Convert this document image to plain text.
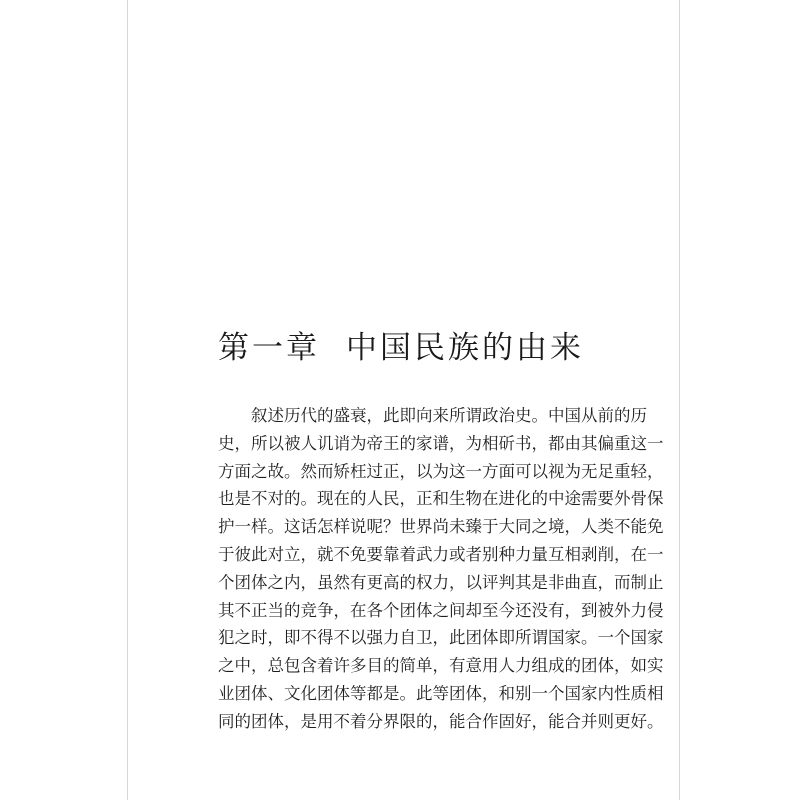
第一章 中国民族的由来
叙述历代的盛衰，此即向来所谓政治史。中国从前的历
史，所以被人讥诮为帝王的家谱，为相斫书，都由其偏重这一
方面之故。然而矫枉过正，以为这一方面可以视为无足重轻，
也是不对的。现在的人民，正和生物在进化的中途需要外骨保
护一样。这话怎样说呢？世界尚未臻于大同之境，人类不能免
于彼此对立，就不免要靠着武力或者别种力量互相剥削，在一
个团体之内，虽然有更高的权力，以评判其是非曲直，而制止
其不正当的竞争，在各个团体之间却至今还没有，到被外力侵
犯之时，即不得不以强力自卫，此团体即所谓国家。一个国家
之中，总包含着许多目的简单，有意用人力组成的团体，如实
业团体、文化团体等都是。此等团体，和别一个国家内性质相
同的团体，是用不着分界限的，能合作固好，能合并则更好。
